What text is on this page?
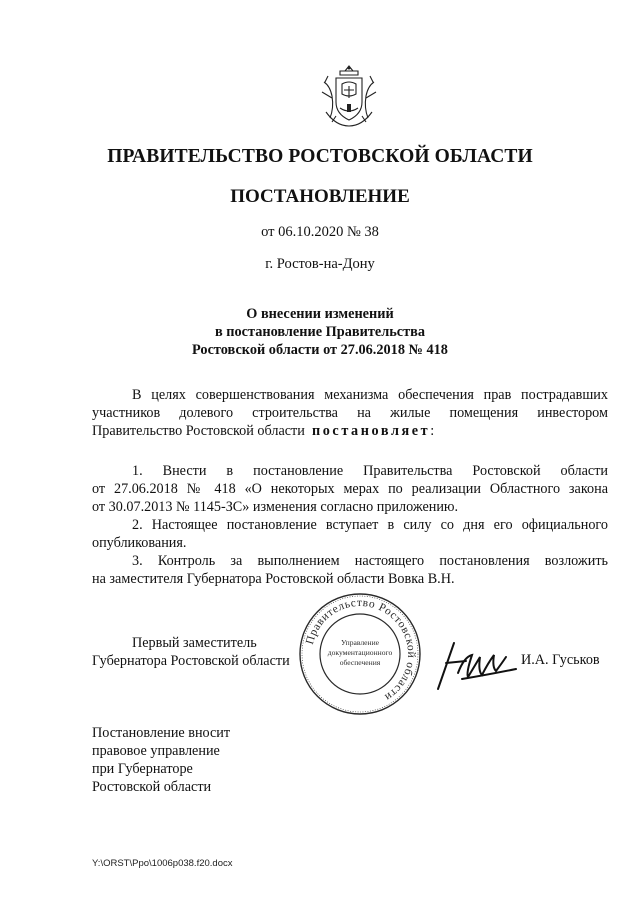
ПРАВИТЕЛЬСТВО РОСТОВСКОЙ ОБЛАСТИ
ПОСТАНОВЛЕНИЕ
от 06.10.2020 № 38
г. Ростов-на-Дону
О внесении изменений
в постановление Правительства
Ростовской области от 27.06.2018 № 418
В целях совершенствования механизма обеспечения прав пострадавших
участников долевого строительства на жилые помещения инвестором
Правительство Ростовской области постановляет:
1. Внести в постановление Правительства Ростовской области
от 27.06.2018 № 418 «О некоторых мерах по реализации Областного закона
от 30.07.2013 № 1145-ЗС» изменения согласно приложению.
2. Настоящее постановление вступает в силу со дня его официального
опубликования.
3. Контроль за выполнением настоящего постановления возложить
на заместителя Губернатора Ростовской области Вовка В.Н.
Первый заместитель
Губернатора Ростовской области
Правительство Ростовской области
Управление
документационного
обеспечения	И.А. Гуськов
Постановление вносит
правовое управление
при Губернаторе
Ростовской области
Y:\ORST\Ppo\1006p038.f20.docx
